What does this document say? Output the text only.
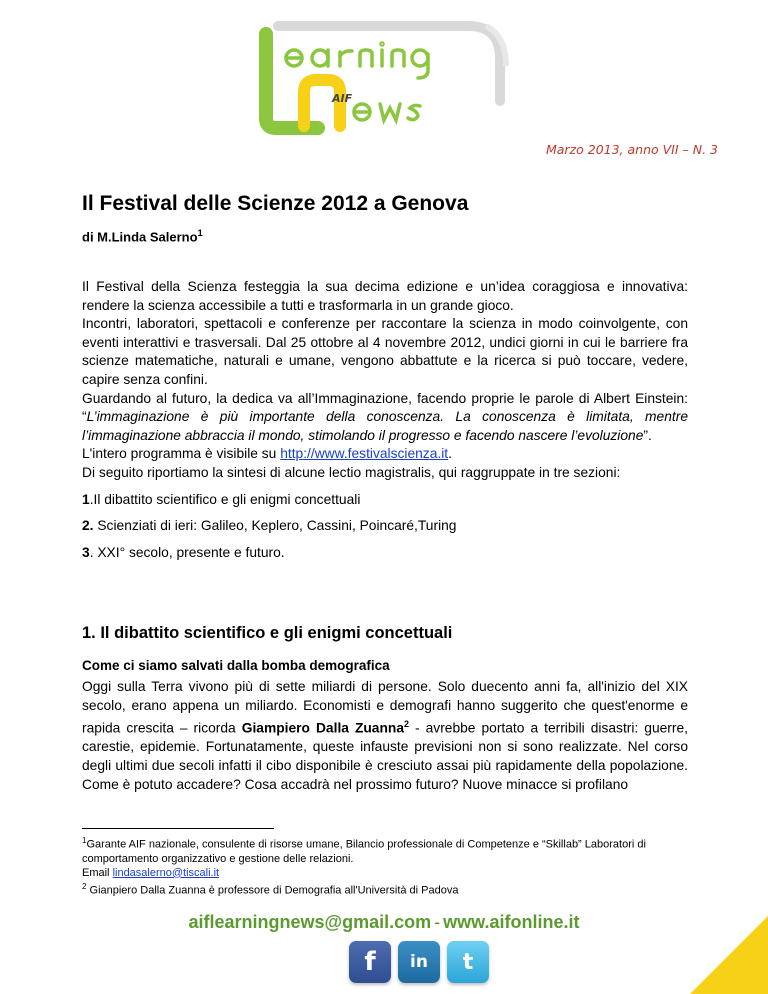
AIF
Marzo 2013, anno VII – N. 3
Il Festival delle Scienze 2012 a Genova
di M.Linda Salerno$^1$

Il Festival della Scienza festeggia la sua decima edizione e un’idea coraggiosa e innovativa: rendere la scienza accessibile a tutti e trasformarla in un grande gioco.

Incontri, laboratori, spettacoli e conferenze per raccontare la scienza in modo coinvolgente, con eventi interattivi e trasversali. Dal 25 ottobre al 4 novembre 2012, undici giorni in cui le barriere fra scienze matematiche, naturali e umane, vengono abbattute e la ricerca si può toccare, vedere, capire senza confini.

Guardando al futuro, la dedica va all’Immaginazione, facendo proprie le parole di Albert Einstein: “L’immaginazione è più importante della conoscenza. La conoscenza è limitata, mentre l’immaginazione abbraccia il mondo, stimolando il progresso e facendo nascere l’evoluzione”.

L'intero programma è visibile su http://www.festivalscienza.it.

Di seguito riportiamo la sintesi di alcune lectio magistralis, qui raggruppate in tre sezioni:

1.Il dibattito scientifico e gli enigmi concettuali

2. Scienziati di ieri: Galileo, Keplero, Cassini, Poincaré,Turing

3. XXI° secolo, presente e futuro.

1. Il dibattito scientifico e gli enigmi concettuali
Come ci siamo salvati dalla bomba demografica
Oggi sulla Terra vivono più di sette miliardi di persone. Solo duecento anni fa, all'inizio del XIX secolo, erano appena un miliardo. Economisti e demografi hanno suggerito che quest'enorme e rapida crescita – ricorda Giampiero Dalla Zuanna$^2$ - avrebbe portato a terribili disastri: guerre, carestie, epidemie. Fortunatamente, queste infauste previsioni non si sono realizzate. Nel corso degli ultimi due secoli infatti il cibo disponibile è cresciuto assai più rapidamente della popolazione. Come è potuto accadere? Cosa accadrà nel prossimo futuro? Nuove minacce si profilano
$^1$Garante AIF nazionale, consulente di risorse umane, Bilancio professionale di Competenze e “Skillab” Laboratori di comportamento organizzativo e gestione delle relazioni.
Email lindasalerno@tiscali.it
$^2$ Gianpiero Dalla Zuanna è professore di Demografia all'Università di Padova
aiflearningnews@gmail.com - www.aifonline.it
f	in	t
